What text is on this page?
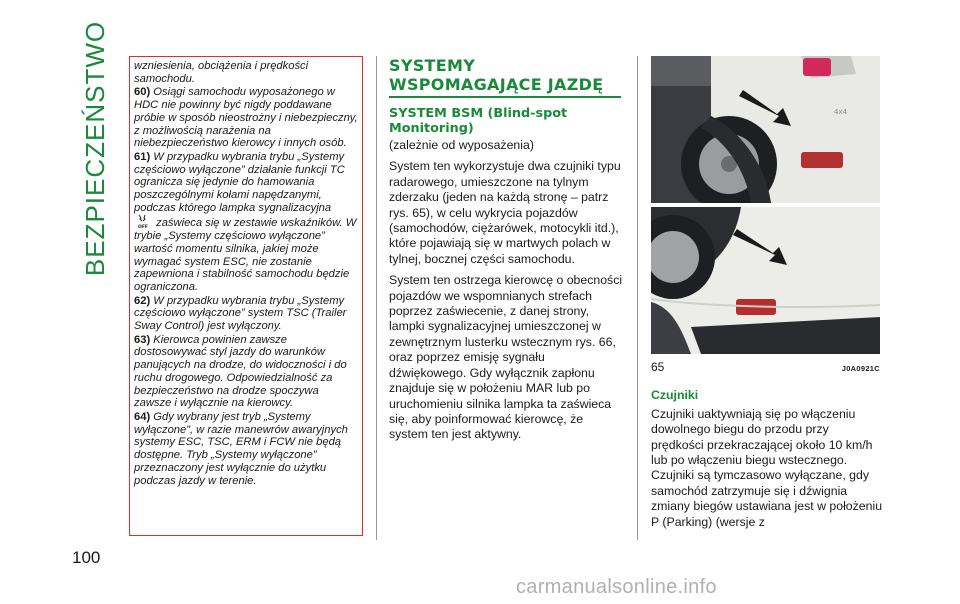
BEZPIECZEŃSTWO
100

wzniesienia, obciążenia i prędkości samochodu.

60) Osiągi samochodu wyposażonego w HDC nie powinny być nigdy poddawane próbie w sposób nieostrożny i niebezpieczny, z możliwością narażenia na niebezpieczeństwo kierowcy i innych osób.

61) W przypadku wybrania trybu „Systemy częściowo wyłączone” działanie funkcji TC ogranicza się jedynie do hamowania poszczególnymi kołami napędzanymi, podczas którego lampka sygnalizacyjna

OFF zaświeca się w zestawie wskaźników. W trybie „Systemy częściowo wyłączone” wartość momentu silnika, jakiej może wymagać system ESC, nie zostanie zapewniona i stabilność samochodu będzie ograniczona.

62) W przypadku wybrania trybu „Systemy częściowo wyłączone” system TSC (Trailer Sway Control) jest wyłączony.

63) Kierowca powinien zawsze dostosowywać styl jazdy do warunków panujących na drodze, do widoczności i do ruchu drogowego. Odpowiedzialność za bezpieczeństwo na drodze spoczywa zawsze i wyłącznie na kierowcy.

64) Gdy wybrany jest tryb „Systemy wyłączone”, w razie manewrów awaryjnych systemy ESC, TSC, ERM i FCW nie będą dostępne. Tryb „Systemy wyłączone” przeznaczony jest wyłącznie do użytku podczas jazdy w terenie.

SYSTEMY
WSPOMAGAJĄCE JAZDĘ
SYSTEM BSM (Blind-spot
Monitoring)

(zależnie od wyposażenia)

System ten wykorzystuje dwa czujniki typu radarowego, umieszczone na tylnym zderzaku (jeden na każdą stronę – patrz rys. 65), w celu wykrycia pojazdów (samochodów, ciężarówek, motocykli itd.), które pojawiają się w martwych polach w tylnej, bocznej części samochodu.

System ten ostrzega kierowcę o obecności pojazdów we wspomnianych strefach poprzez zaświecenie, z danej strony, lampki sygnalizacyjnej umieszczonej w zewnętrznym lusterku wstecznym rys. 66, oraz poprzez emisję sygnału dźwiękowego. Gdy wyłącznik zapłonu znajduje się w położeniu MAR lub po uruchomieniu silnika lampka ta zaświeca się, aby poinformować kierowcę, że system ten jest aktywny.

4x4
65	J0A0921C
Czujniki

Czujniki uaktywniają się po włączeniu dowolnego biegu do przodu przy prędkości przekraczającej około 10 km/h lub po włączeniu biegu wstecznego. Czujniki są tymczasowo wyłączane, gdy samochód zatrzymuje się i dźwignia zmiany biegów ustawiana jest w położeniu P (Parking) (wersje z

carmanualsonline.info
